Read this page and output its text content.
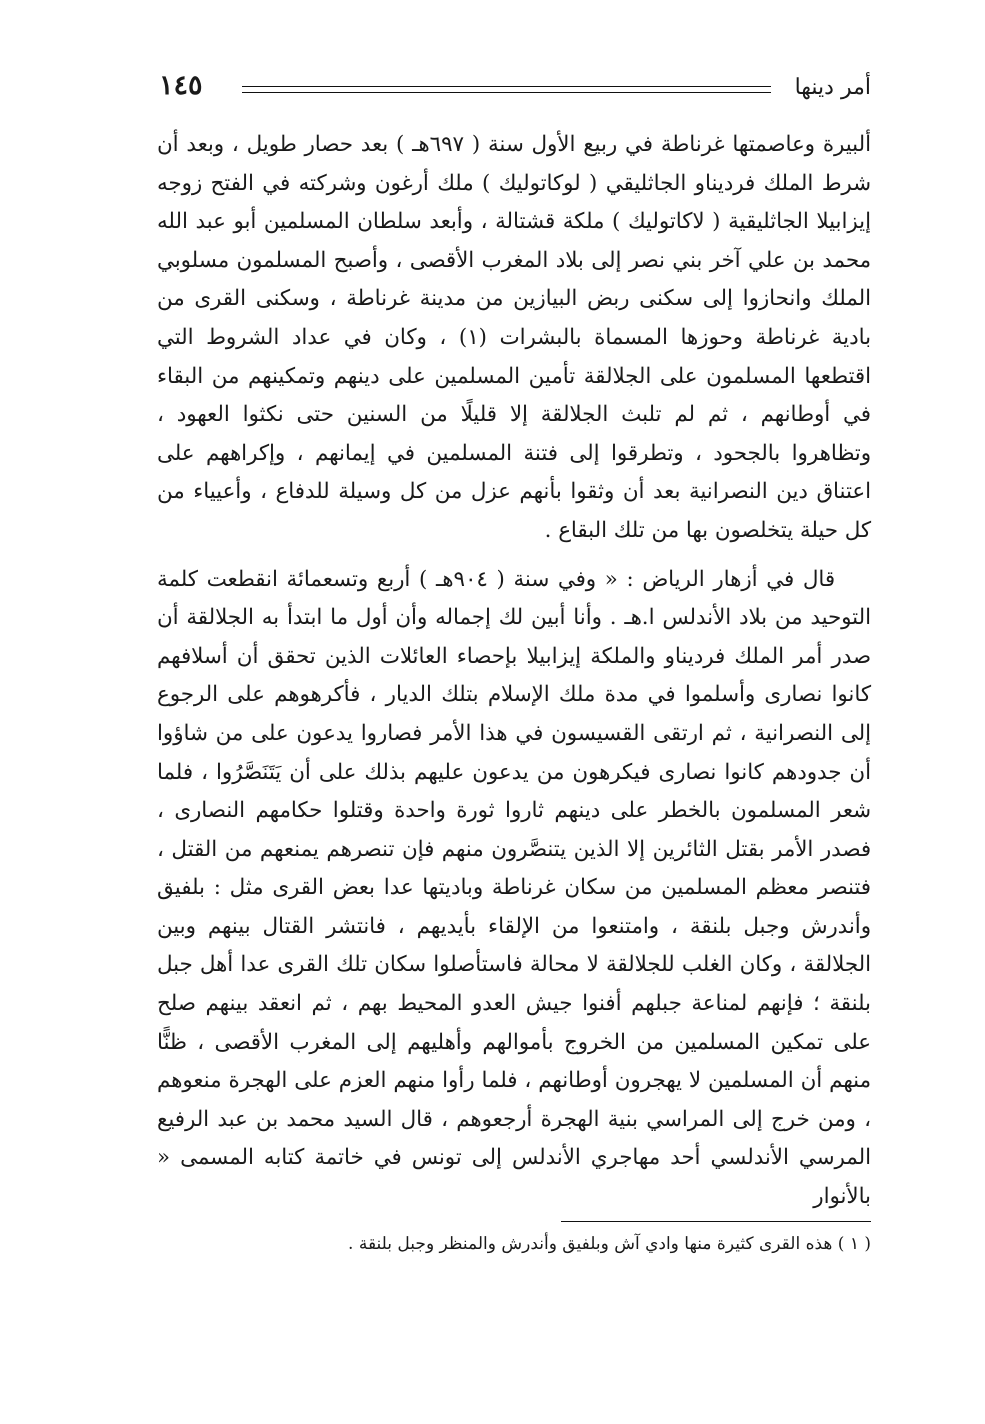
أمر دينها
١٤٥

ألبيرة وعاصمتها غرناطة في ربيع الأول سنة ( ٦٩٧هـ ) بعد حصار طويل ، وبعد أن شرط الملك فرديناو الجاثليقي ( لوكاتوليك ) ملك أرغون وشركته في الفتح زوجه إيزابيلا الجاثليقية ( لاكاتوليك ) ملكة قشتالة ، وأبعد سلطان المسلمين أبو عبد الله محمد بن علي آخر بني نصر إلى بلاد المغرب الأقصى ، وأصبح المسلمون مسلوبي الملك وانحازوا إلى سكنى ربض البيازين من مدينة غرناطة ، وسكنى القرى من بادية غرناطة وحوزها المسماة بالبشرات (١) ، وكان في عداد الشروط التي اقتطعها المسلمون على الجلالقة تأمين المسلمين على دينهم وتمكينهم من البقاء في أوطانهم ، ثم لم تلبث الجلالقة إلا قليلًا من السنين حتى نكثوا العهود ، وتظاهروا بالجحود ، وتطرقوا إلى فتنة المسلمين في إيمانهم ، وإكراههم على اعتناق دين النصرانية بعد أن وثقوا بأنهم عزل من كل وسيلة للدفاع ، وأعيياء من كل حيلة يتخلصون بها من تلك البقاع .

قال في أزهار الرياض : « وفي سنة ( ٩٠٤هـ ) أربع وتسعمائة انقطعت كلمة التوحيد من بلاد الأندلس ا.هـ . وأنا أبين لك إجماله وأن أول ما ابتدأ به الجلالقة أن صدر أمر الملك فرديناو والملكة إيزابيلا بإحصاء العائلات الذين تحقق أن أسلافهم كانوا نصارى وأسلموا في مدة ملك الإسلام بتلك الديار ، فأكرهوهم على الرجوع إلى النصرانية ، ثم ارتقى القسيسون في هذا الأمر فصاروا يدعون على من شاؤوا أن جدودهم كانوا نصارى فيكرهون من يدعون عليهم بذلك على أن يَتَنَصَّرُوا ، فلما شعر المسلمون بالخطر على دينهم ثاروا ثورة واحدة وقتلوا حكامهم النصارى ، فصدر الأمر بقتل الثائرين إلا الذين يتنصَّرون منهم فإن تنصرهم يمنعهم من القتل ، فتنصر معظم المسلمين من سكان غرناطة وباديتها عدا بعض القرى مثل : بلفيق وأندرش وجبل بلنقة ، وامتنعوا من الإلقاء بأيديهم ، فانتشر القتال بينهم وبين الجلالقة ، وكان الغلب للجلالقة لا محالة فاستأصلوا سكان تلك القرى عدا أهل جبل بلنقة ؛ فإنهم لمناعة جبلهم أفنوا جيش العدو المحيط بهم ، ثم انعقد بينهم صلح على تمكين المسلمين من الخروج بأموالهم وأهليهم إلى المغرب الأقصى ، ظنًّا منهم أن المسلمين لا يهجرون أوطانهم ، فلما رأوا منهم العزم على الهجرة منعوهم ، ومن خرج إلى المراسي بنية الهجرة أرجعوهم ، قال السيد محمد بن عبد الرفيع المرسي الأندلسي أحد مهاجري الأندلس إلى تونس في خاتمة كتابه المسمى « بالأنوار

( ١ ) هذه القرى كثيرة منها وادي آش وبلفيق وأندرش والمنظر وجبل بلنقة .
